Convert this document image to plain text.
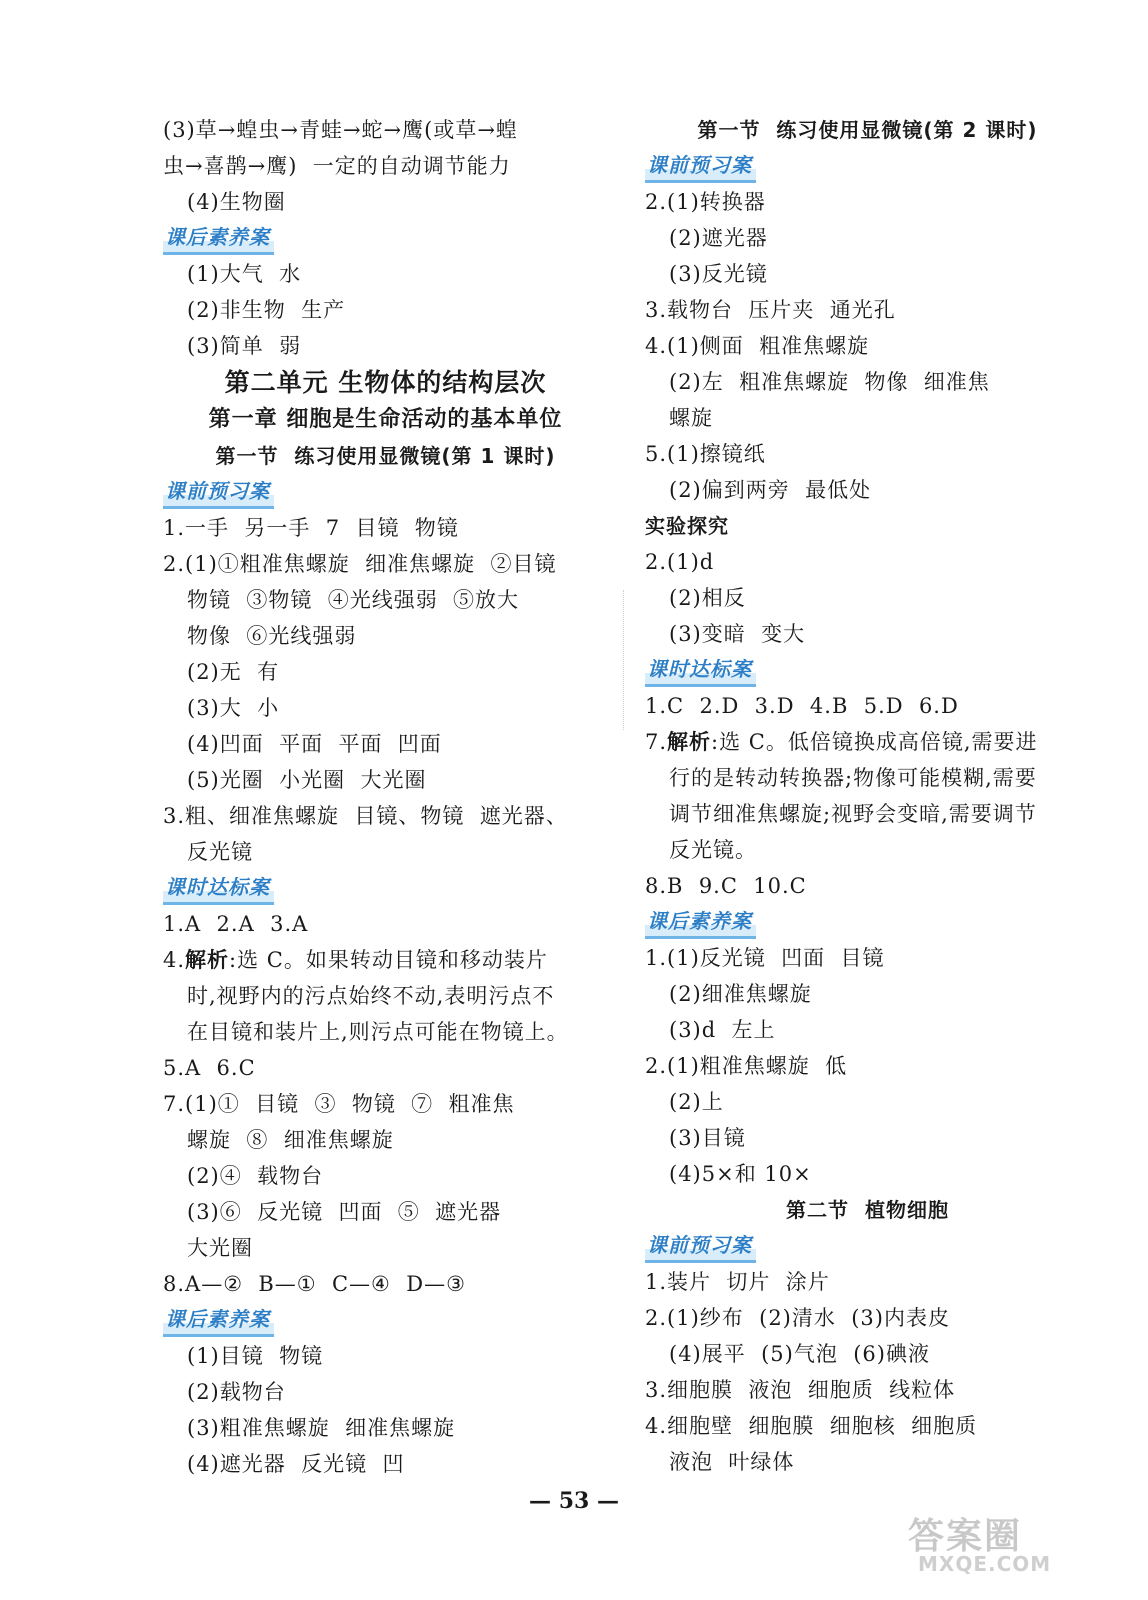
(3)草→蝗虫→青蛙→蛇→鹰(或草→蝗
虫→喜鹊→鹰)  一定的自动调节能力
(4)生物圈
课后素养案
(1)大气  水
(2)非生物  生产
(3)简单  弱
第二单元 生物体的结构层次
第一章 细胞是生命活动的基本单位
第一节  练习使用显微镜(第 1 课时)
课前预习案
1.一手  另一手  7  目镜  物镜
2.(1)①粗准焦螺旋  细准焦螺旋  ②目镜
物镜  ③物镜  ④光线强弱  ⑤放大
物像  ⑥光线强弱
(2)无  有
(3)大  小
(4)凹面  平面  平面  凹面
(5)光圈  小光圈  大光圈
3.粗、细准焦螺旋  目镜、物镜  遮光器、
反光镜
课时达标案
1.A  2.A  3.A
4.解析:选 C。如果转动目镜和移动装片
时,视野内的污点始终不动,表明污点不
在目镜和装片上,则污点可能在物镜上。
5.A  6.C
7.(1)①  目镜  ③  物镜  ⑦  粗准焦
螺旋  ⑧  细准焦螺旋
(2)④  载物台
(3)⑥  反光镜  凹面  ⑤  遮光器
大光圈
8.A—②  B—①  C—④  D—③
课后素养案
(1)目镜  物镜
(2)载物台
(3)粗准焦螺旋  细准焦螺旋
(4)遮光器  反光镜  凹
第一节  练习使用显微镜(第 2 课时)
课前预习案
2.(1)转换器
(2)遮光器
(3)反光镜
3.载物台  压片夹  通光孔
4.(1)侧面  粗准焦螺旋
(2)左  粗准焦螺旋  物像  细准焦
螺旋
5.(1)擦镜纸
(2)偏到两旁  最低处
实验探究
2.(1)d
(2)相反
(3)变暗  变大
课时达标案
1.C  2.D  3.D  4.B  5.D  6.D
7.解析:选 C。低倍镜换成高倍镜,需要进
行的是转动转换器;物像可能模糊,需要
调节细准焦螺旋;视野会变暗,需要调节
反光镜。
8.B  9.C  10.C
课后素养案
1.(1)反光镜  凹面  目镜
(2)细准焦螺旋
(3)d  左上
2.(1)粗准焦螺旋  低
(2)上
(3)目镜
(4)5×和 10×
第二节  植物细胞
课前预习案
1.装片  切片  涂片
2.(1)纱布  (2)清水  (3)内表皮
(4)展平  (5)气泡  (6)碘液
3.细胞膜  液泡  细胞质  线粒体
4.细胞壁  细胞膜  细胞核  细胞质
液泡  叶绿体
— 53 —
答案圈
MXQE.COM
